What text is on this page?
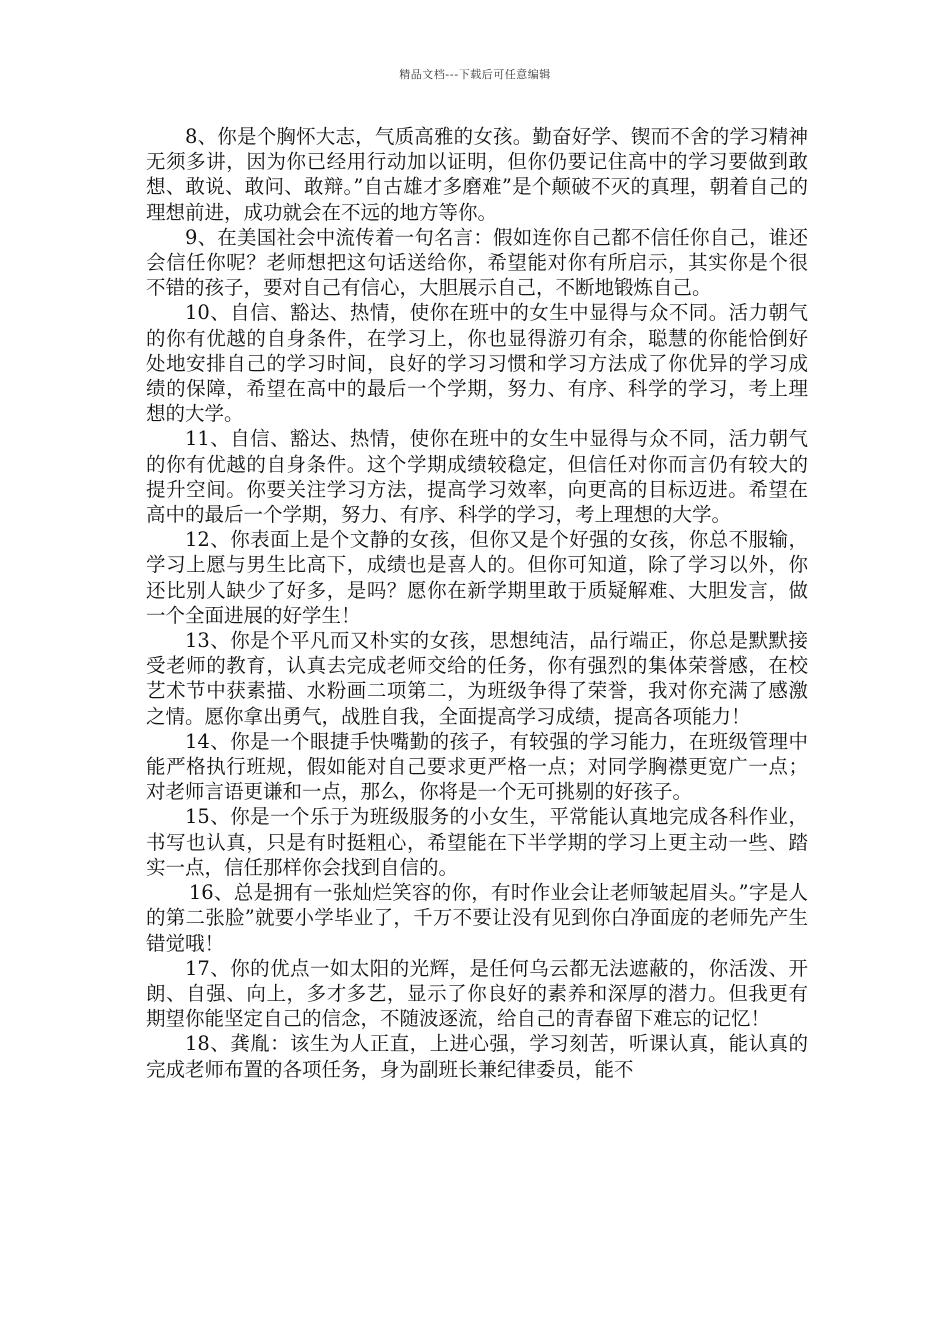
精品文档---下载后可任意编辑

8、你是个胸怀大志，气质高雅的女孩。勤奋好学、锲而不舍的学习精神无须多讲，因为你已经用行动加以证明，但你仍要记住高中的学习要做到敢想、敢说、敢问、敢辩。”自古雄才多磨难”是个颠破不灭的真理，朝着自己的理想前进，成功就会在不远的地方等你。

9、在美国社会中流传着一句名言：假如连你自己都不信任你自己，谁还会信任你呢？老师想把这句话送给你，希望能对你有所启示，其实你是个很不错的孩子，要对自己有信心，大胆展示自己，不断地锻炼自己。

10、自信、豁达、热情，使你在班中的女生中显得与众不同。活力朝气的你有优越的自身条件，在学习上，你也显得游刃有余，聪慧的你能恰倒好处地安排自己的学习时间，良好的学习习惯和学习方法成了你优异的学习成绩的保障，希望在高中的最后一个学期，努力、有序、科学的学习，考上理想的大学。

11、自信、豁达、热情，使你在班中的女生中显得与众不同，活力朝气的你有优越的自身条件。这个学期成绩较稳定，但信任对你而言仍有较大的提升空间。你要关注学习方法，提高学习效率，向更高的目标迈进。希望在高中的最后一个学期，努力、有序、科学的学习，考上理想的大学。

12、你表面上是个文静的女孩，但你又是个好强的女孩，你总不服输，学习上愿与男生比高下，成绩也是喜人的。但你可知道，除了学习以外，你还比别人缺少了好多，是吗？愿你在新学期里敢于质疑解难、大胆发言，做一个全面进展的好学生！

13、你是个平凡而又朴实的女孩，思想纯洁，品行端正，你总是默默接受老师的教育，认真去完成老师交给的任务，你有强烈的集体荣誉感，在校艺术节中获素描、水粉画二项第二，为班级争得了荣誉，我对你充满了感激之情。愿你拿出勇气，战胜自我，全面提高学习成绩，提高各项能力！

14、你是一个眼捷手快嘴勤的孩子，有较强的学习能力，在班级管理中能严格执行班规，假如能对自己要求更严格一点；对同学胸襟更宽广一点；对老师言语更谦和一点，那么，你将是一个无可挑剔的好孩子。

15、你是一个乐于为班级服务的小女生，平常能认真地完成各科作业，书写也认真，只是有时挺粗心，希望能在下半学期的学习上更主动一些、踏实一点，信任那样你会找到自信的。

16、总是拥有一张灿烂笑容的你，有时作业会让老师皱起眉头。”字是人的第二张脸”就要小学毕业了，千万不要让没有见到你白净面庞的老师先产生错觉哦！

17、你的优点一如太阳的光辉，是任何乌云都无法遮蔽的，你活泼、开朗、自强、向上，多才多艺，显示了你良好的素养和深厚的潜力。但我更有期望你能坚定自己的信念，不随波逐流，给自己的青春留下难忘的记忆！

18、龚胤：该生为人正直，上进心强，学习刻苦，听课认真，能认真的完成老师布置的各项任务，身为副班长兼纪律委员，能不
